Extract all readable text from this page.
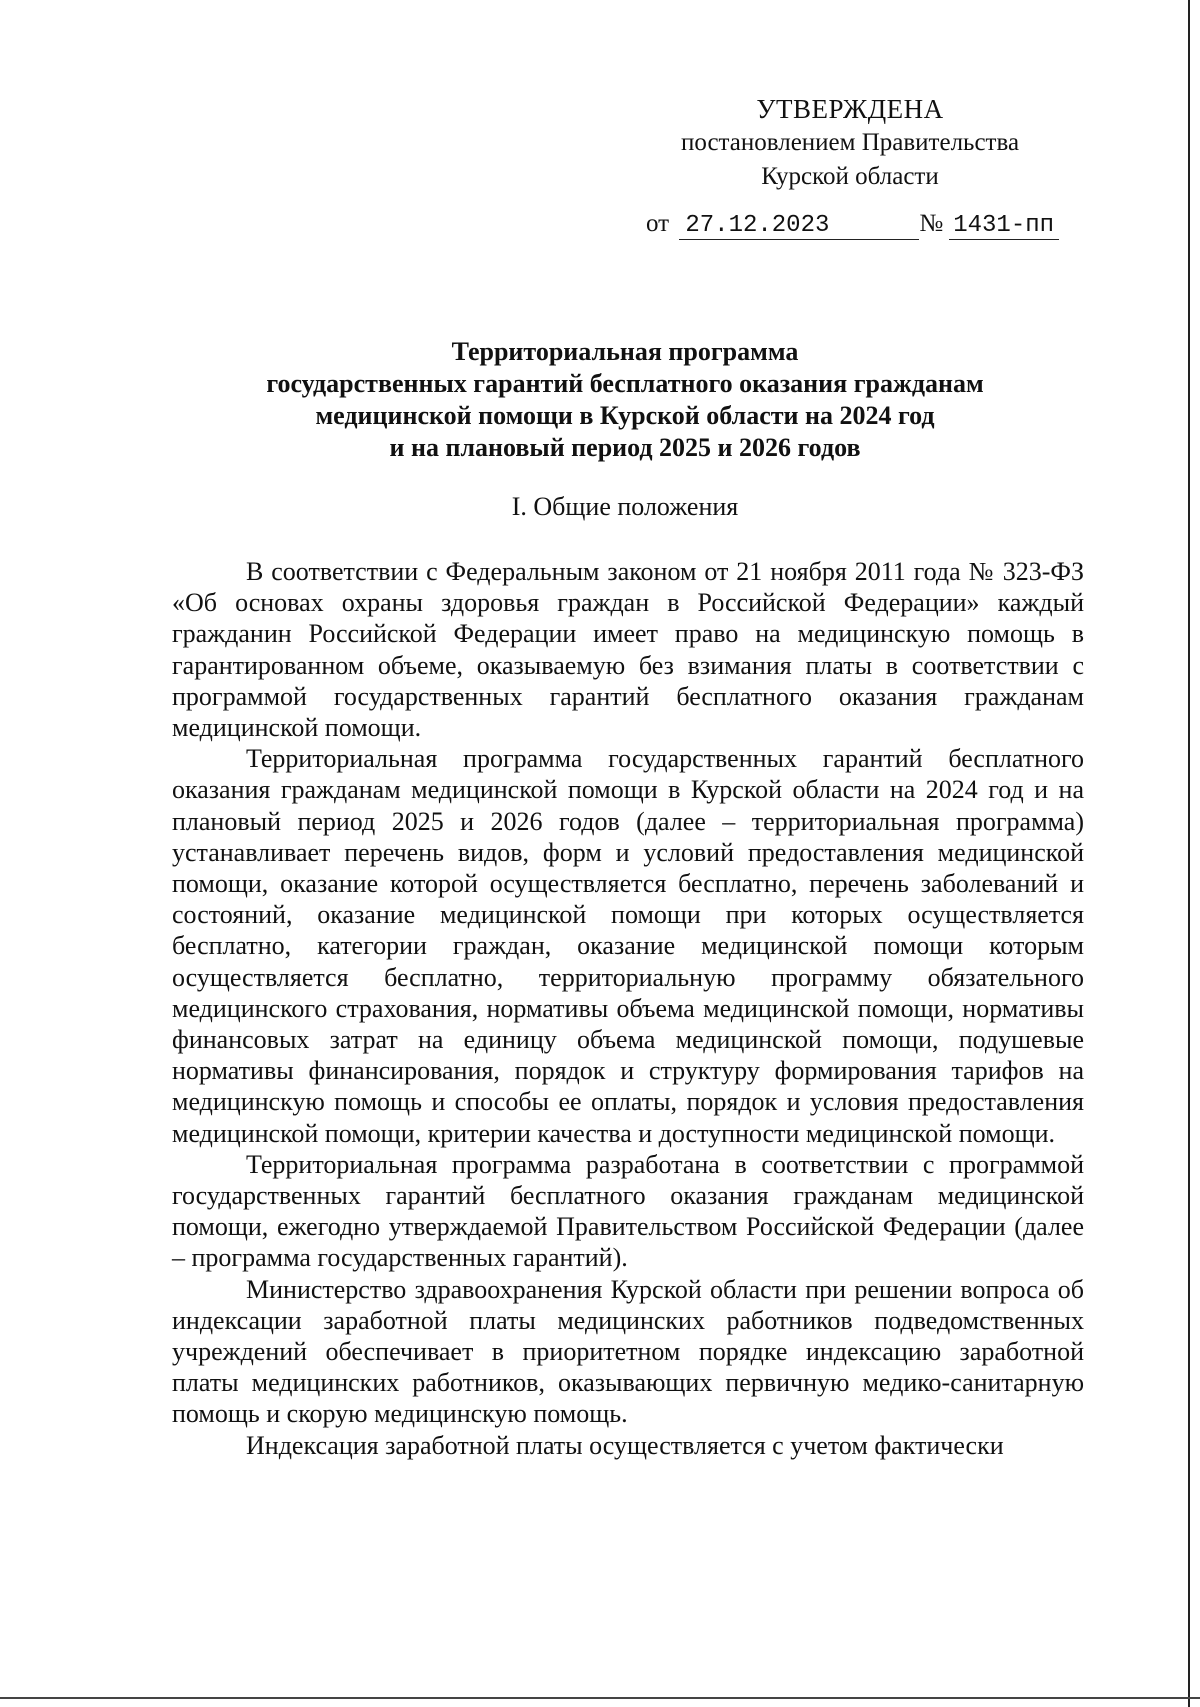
УТВЕРЖДЕНА
постановлением Правительства
Курской области
от 27.12.2023	№ 1431-пп
Территориальная программа
государственных гарантий бесплатного оказания гражданам
медицинской помощи в Курской области на 2024 год
и на плановый период 2025 и 2026 годов
I. Общие положения

В соответствии с Федеральным законом от 21 ноября 2011 года № 323-ФЗ «Об основах охраны здоровья граждан в Российской Федерации» каждый гражданин Российской Федерации имеет право на медицинскую помощь в гарантированном объеме, оказываемую без взимания платы в соответствии с программой государственных гарантий бесплатного оказания гражданам медицинской помощи.

Территориальная программа государственных гарантий бесплатного оказания гражданам медицинской помощи в Курской области на 2024 год и на плановый период 2025 и 2026 годов (далее – территориальная программа) устанавливает перечень видов, форм и условий предоставления медицинской помощи, оказание которой осуществляется бесплатно, перечень заболеваний и состояний, оказание медицинской помощи при которых осуществляется бесплатно, категории граждан, оказание медицинской помощи которым осуществляется бесплатно, территориальную программу обязательного медицинского страхования, нормативы объема медицинской помощи, нормативы финансовых затрат на единицу объема медицинской помощи, подушевые нормативы финансирования, порядок и структуру формирования тарифов на медицинскую помощь и способы ее оплаты, порядок и условия предоставления медицинской помощи, критерии качества и доступности медицинской помощи.

Территориальная программа разработана в соответствии с программой государственных гарантий бесплатного оказания гражданам медицинской помощи, ежегодно утверждаемой Правительством Российской Федерации (далее – программа государственных гарантий).

Министерство здравоохранения Курской области при решении вопроса об индексации заработной платы медицинских работников подведомственных учреждений обеспечивает в приоритетном порядке индексацию заработной платы медицинских работников, оказывающих первичную медико-санитарную помощь и скорую медицинскую помощь.

Индексация заработной платы осуществляется с учетом фактически
